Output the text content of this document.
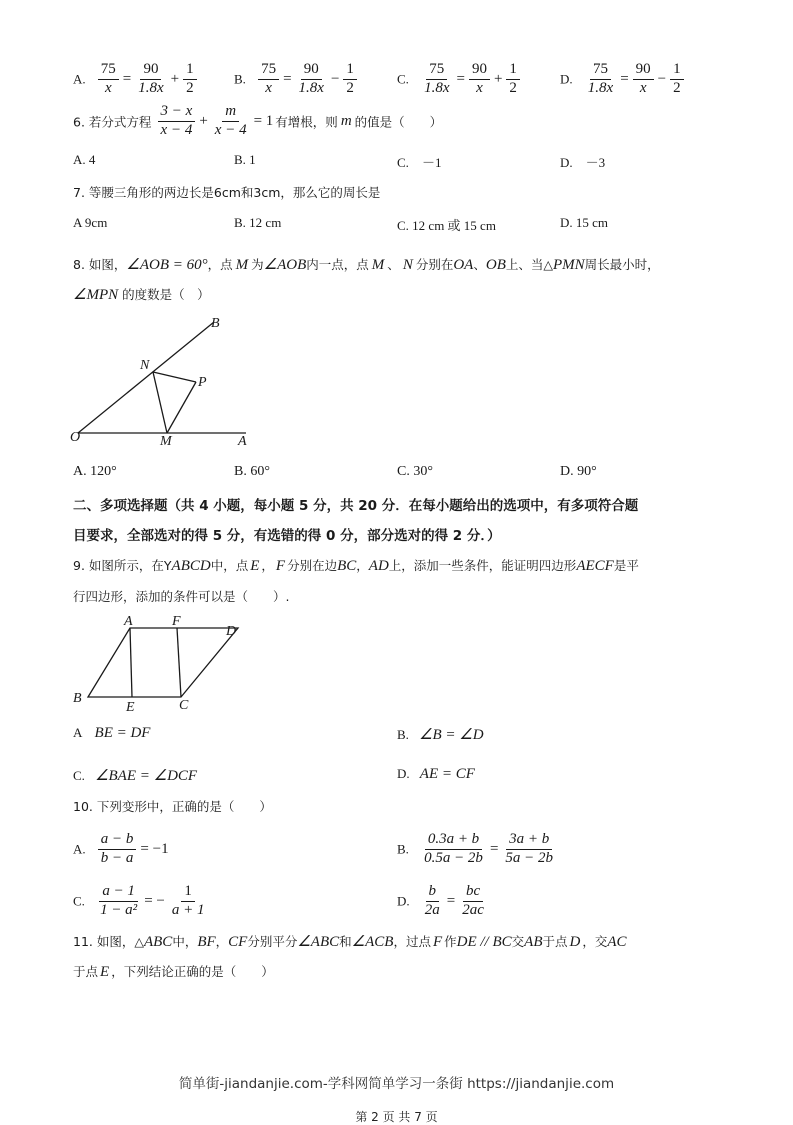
A. $\frac{75}{x} = \frac{90}{1.8x} + \frac{1}{2}$	B. $\frac{75}{x} = \frac{90}{1.8x} - \frac{1}{2}$	C. $\frac{75}{1.8x} = \frac{90}{x} + \frac{1}{2}$	D. $\frac{75}{1.8x} = \frac{90}{x} - \frac{1}{2}$
6. 若分式方程 $\frac{3 - x}{x - 4} + \frac{m}{x - 4} = 1$ 有增根，则 m 的值是（　　）
A. 4	B. 1	C.　 －1	D.　 －3
7. 等腰三角形的两边长是6cm和3cm，那么它的周长是
A 9cm	B. 12 cm	C. 12 cm 或 15 cm	D. 15 cm
8. 如图，∠AOB = 60°，点 M 为∠AOB内一点，点 M 、 N 分别在OA、OB上、当△PMN周长最小时，
∠MPN 的度数是（　）
B
N
P
O	M	A
A. 120°	B. 60°	C. 30°	D. 90°
二、多项选择题（共 4 小题，每小题 5 分，共 20 分．在每小题给出的选项中，有多项符合题
目要求，全部选对的得 5 分，有选错的得 0 分，部分选对的得 2 分．）
9. 如图所示，在YABCD中，点 E ， F 分别在边BC，AD上，添加一些条件，能证明四边形AECF是平
行四边形，添加的条件可以是（　　）.
A	F
D
B
E	C
A BE = DF	B. ∠B = ∠D
C. ∠BAE = ∠DCF	D. AE = CF
10. 下列变形中，正确的是（　　）
A. $\frac{a - b}{b - a} = -1$	B. $\frac{0.3a + b}{0.5a - 2b} = \frac{3a + b}{5a - 2b}$
C. $\frac{a - 1}{\text{1 − a²}}$ = − $\frac{1}{a + 1}$	D. $\frac{b}{2a} = \frac{bc}{2ac}$
11. 如图，△ABC中，BF，CF分别平分∠ABC和∠ACB，过点 F 作DE // BC交AB于点 D ，交AC
于点 E ，下列结论正确的是（　　）
简单街-jiandanjie.com-学科网简单学习一条街 https://jiandanjie.com
第 2 页 共 7 页
